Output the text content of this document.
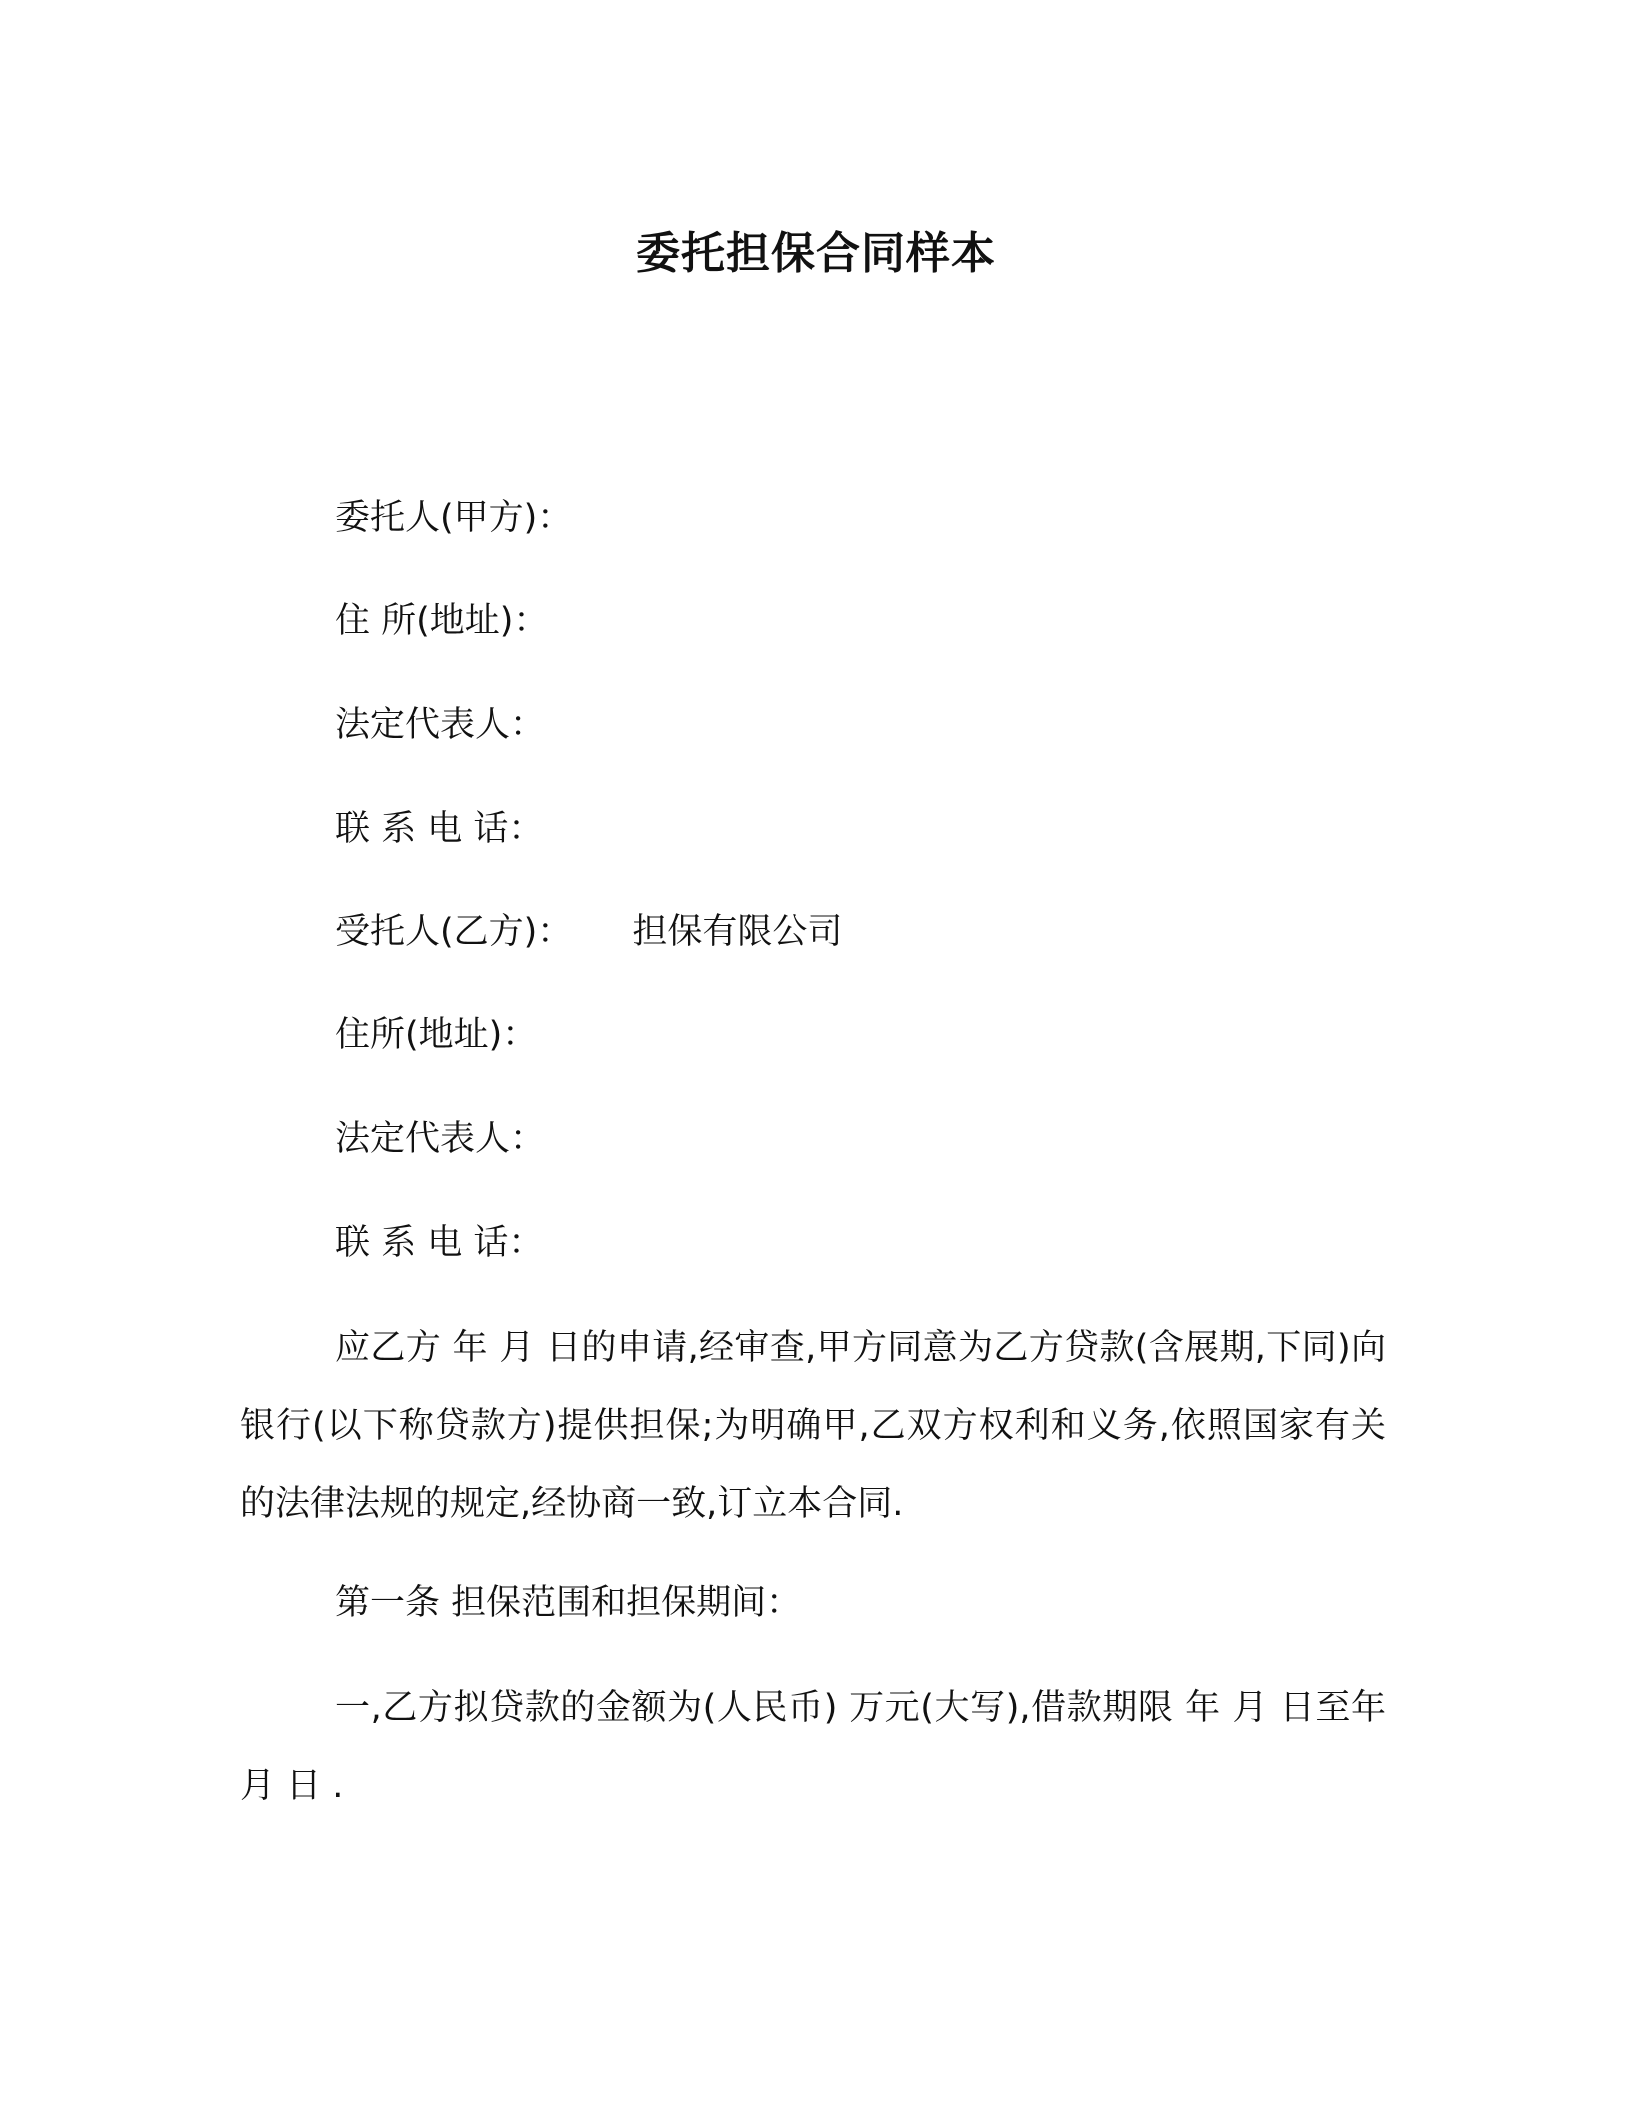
委托担保合同样本
委托人(甲方)：
住 所(地址)：
法定代表人：
联 系 电 话：
受托人(乙方)： 担保有限公司
住所(地址)：
法定代表人：
联 系 电 话：
应乙方 年 月 日的申请,经审查,甲方同意为乙方贷款(含展期,下同)向 银行(以下称贷款方)提供担保;为明确甲,乙双方权利和义务,依照国家有关的法律法规的规定,经协商一致,订立本合同.
第一条 担保范围和担保期间：
一,乙方拟贷款的金额为(人民币) 万元(大写),借款期限 年 月 日至年 月 日 .
